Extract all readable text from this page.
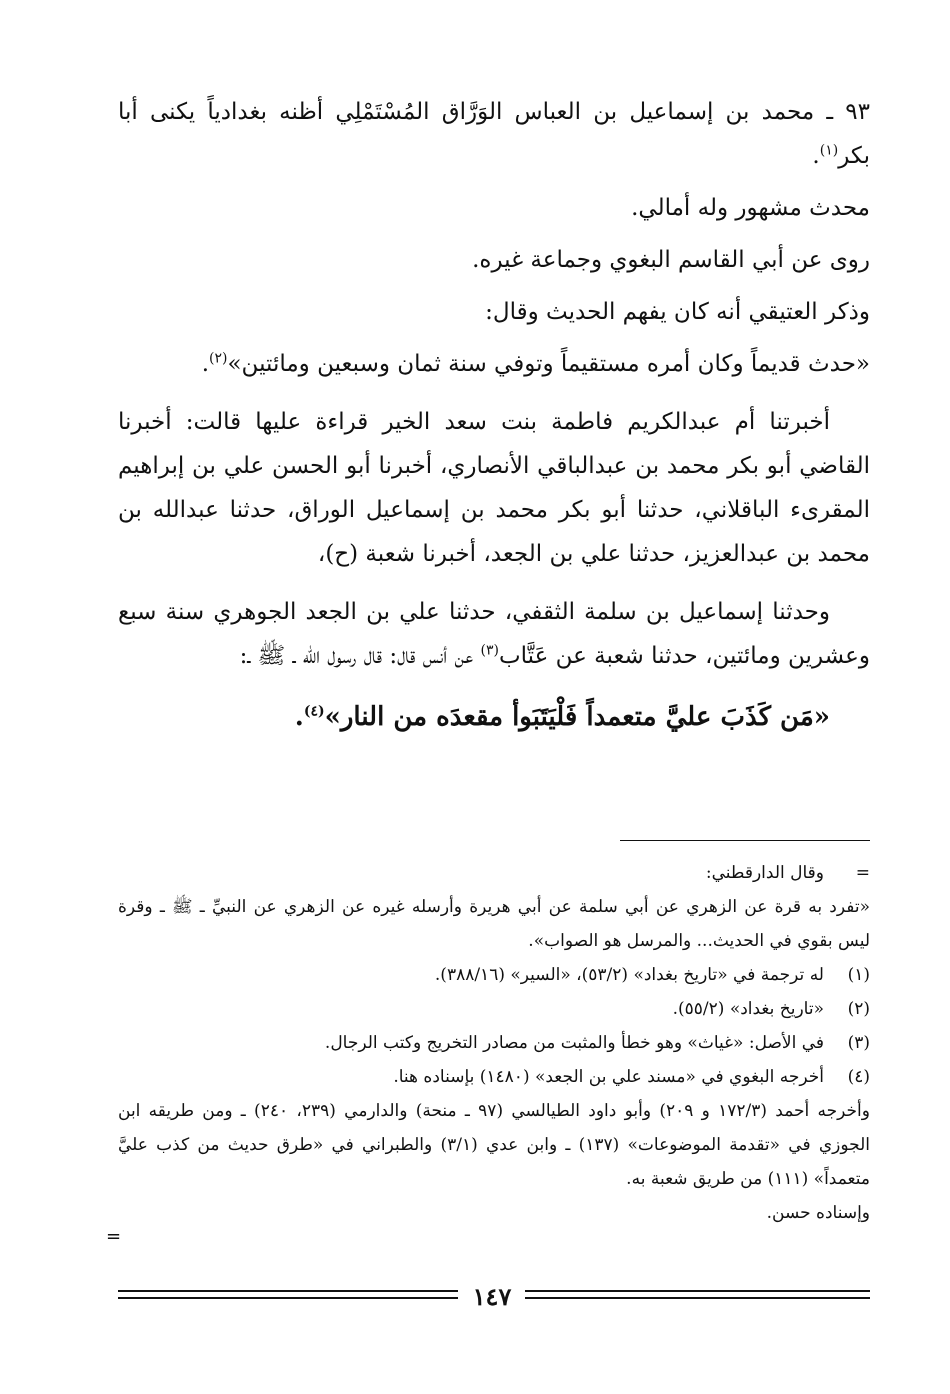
٩٣ ـ محمد بن إسماعيل بن العباس الوَرَّاق المُسْتَمْلِي أظنه بغدادياً يكنى أبا بكر$^{(١)}$.

محدث مشهور وله أمالي.

روى عن أبي القاسم البغوي وجماعة غيره.

وذكر العتيقي أنه كان يفهم الحديث وقال:

«حدث قديماً وكان أمره مستقيماً وتوفي سنة ثمان وسبعين ومائتين»$^{(٢)}$.

أخبرتنا أم عبدالكريم فاطمة بنت سعد الخير قراءة عليها قالت: أخبرنا القاضي أبو بكر محمد بن عبدالباقي الأنصاري، أخبرنا أبو الحسن علي بن إبراهيم المقرىء الباقلاني، حدثنا أبو بكر محمد بن إسماعيل الوراق، حدثنا عبدالله بن محمد بن عبدالعزيز، حدثنا علي بن الجعد، أخبرنا شعبة (ح)،

وحدثنا إسماعيل بن سلمة الثقفي، حدثنا علي بن الجعد الجوهري سنة سبع وعشرين ومائتين، حدثنا شعبة عن عَتَّاب$^{(٣)}$ عن أنس قال: قال رسول الله ـ ﷺ ـ:

«مَن كَذَبَ عليَّ متعمداً فَلْيَتَبَوأ مقعدَه من النار»$^{(٤)}$.

=
وقال الدارقطني:
«تفرد به قرة عن الزهري عن أبي سلمة عن أبي هريرة وأرسله غيره عن الزهري عن النبيِّ ـ ﷺ ـ وقرة ليس بقوي في الحديث... والمرسل هو الصواب».
(١)
له ترجمة في «تاريخ بغداد» (٥٣/٢)، «السير» (٣٨٨/١٦).
(٢)
«تاريخ بغداد» (٥٥/٢).
(٣)
في الأصل: «غياث» وهو خطأ والمثبت من مصادر التخريج وكتب الرجال.
(٤)
أخرجه البغوي في «مسند علي بن الجعد» (١٤٨٠) بإسناده هنا.
وأخرجه أحمد (١٧٢/٣ و ٢٠٩) وأبو داود الطيالسي (٩٧ ـ منحة) والدارمي (٢٣٩، ٢٤٠) ـ ومن طريقه ابن الجوزي في «تقدمة الموضوعات» (١٣٧) ـ وابن عدي (٣/١) والطبراني في «طرق حديث من كذب عليَّ متعمداً» (١١١) من طريق شعبة به.
وإسناده حسن.
=
١٤٧
